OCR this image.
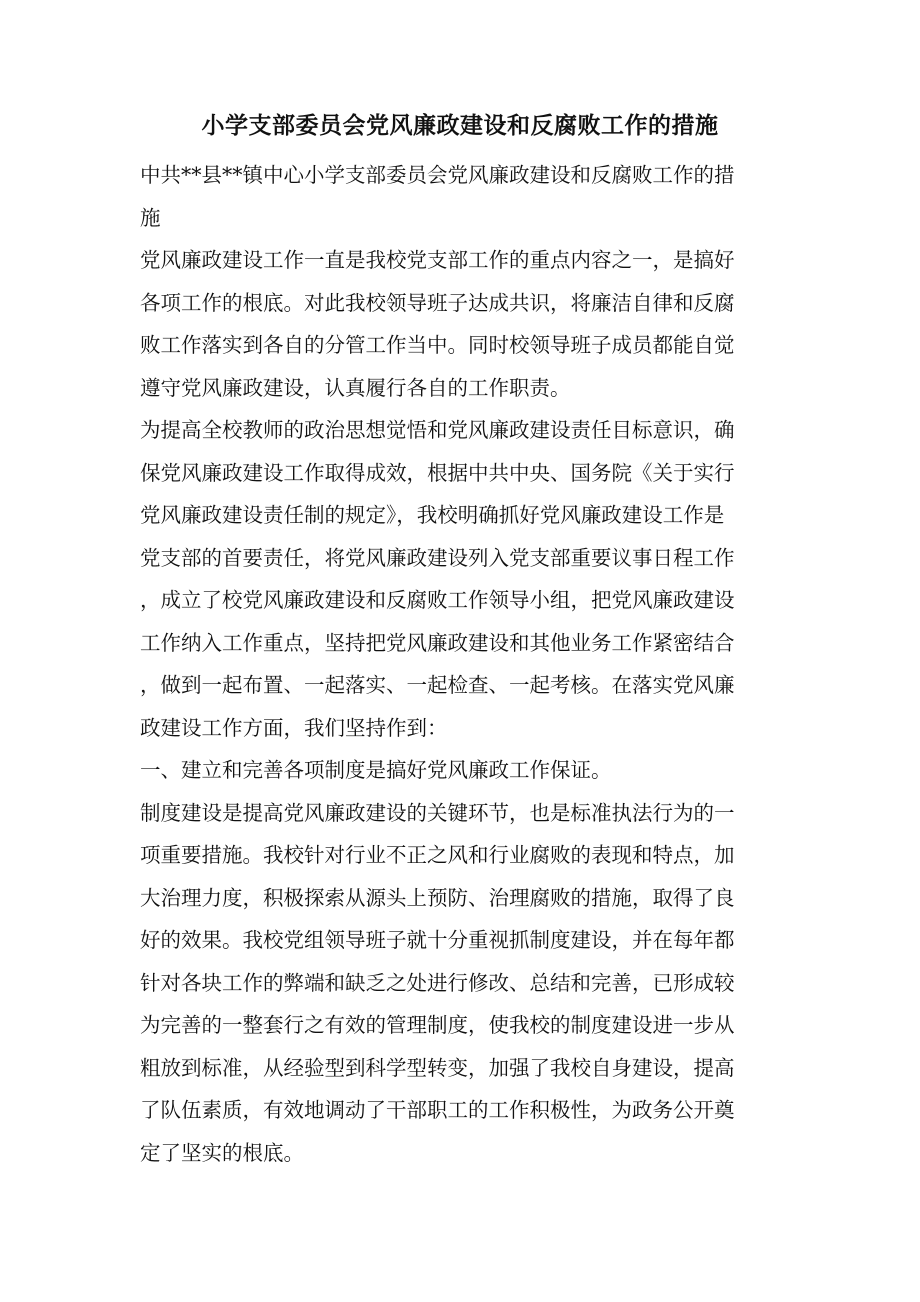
小学支部委员会党风廉政建设和反腐败工作的措施

中共**县**镇中心小学支部委员会党风廉政建设和反腐败工作的措
施

党风廉政建设工作一直是我校党支部工作的重点内容之一，是搞好
各项工作的根底。对此我校领导班子达成共识，将廉洁自律和反腐
败工作落实到各自的分管工作当中。同时校领导班子成员都能自觉
遵守党风廉政建设，认真履行各自的工作职责。

为提高全校教师的政治思想觉悟和党风廉政建设责任目标意识，确
保党风廉政建设工作取得成效，根据中共中央、国务院《关于实行
党风廉政建设责任制的规定》，我校明确抓好党风廉政建设工作是
党支部的首要责任，将党风廉政建设列入党支部重要议事日程工作
，成立了校党风廉政建设和反腐败工作领导小组，把党风廉政建设
工作纳入工作重点，坚持把党风廉政建设和其他业务工作紧密结合
，做到一起布置、一起落实、一起检查、一起考核。在落实党风廉
政建设工作方面，我们坚持作到：

一、建立和完善各项制度是搞好党风廉政工作保证。

制度建设是提高党风廉政建设的关键环节，也是标准执法行为的一
项重要措施。我校针对行业不正之风和行业腐败的表现和特点，加
大治理力度，积极探索从源头上预防、治理腐败的措施，取得了良
好的效果。我校党组领导班子就十分重视抓制度建设，并在每年都
针对各块工作的弊端和缺乏之处进行修改、总结和完善，已形成较
为完善的一整套行之有效的管理制度，使我校的制度建设进一步从
粗放到标准，从经验型到科学型转变，加强了我校自身建设，提高
了队伍素质，有效地调动了干部职工的工作积极性，为政务公开奠
定了坚实的根底。
